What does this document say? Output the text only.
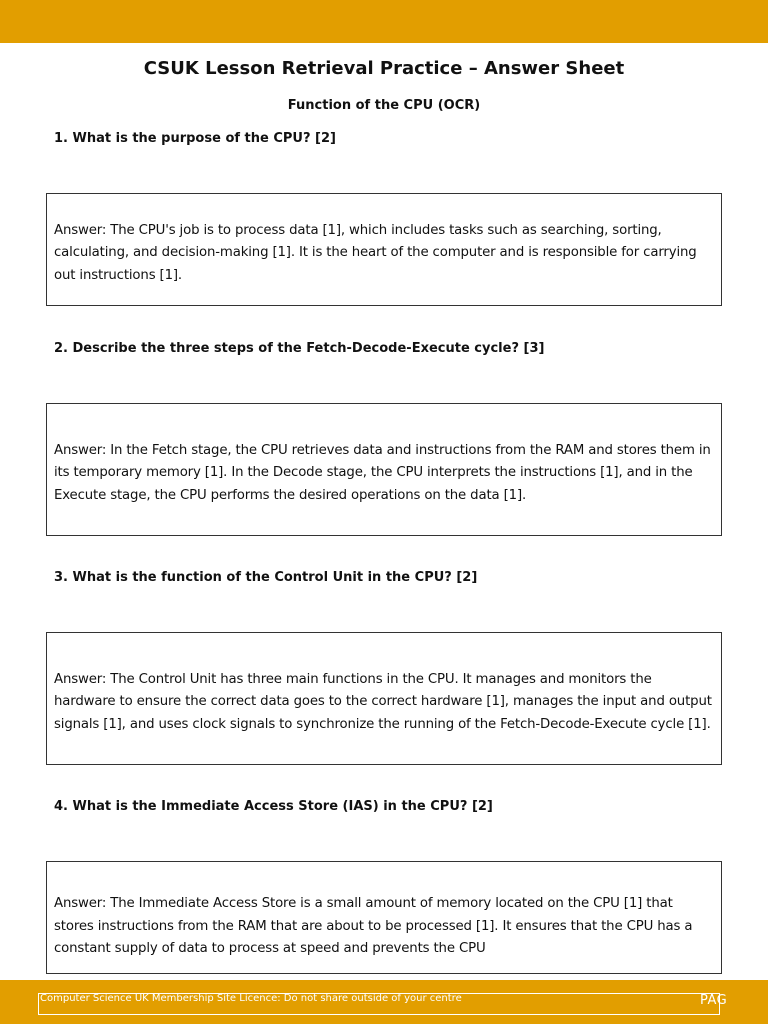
CSUK Lesson Retrieval Practice – Answer Sheet
Function of the CPU (OCR)
1. What is the purpose of the CPU? [2]

Answer: The CPU's job is to process data [1], which includes tasks such as searching, sorting, calculating, and decision-making [1]. It is the heart of the computer and is responsible for carrying out instructions [1].

2. Describe the three steps of the Fetch-Decode-Execute cycle? [3]

Answer: In the Fetch stage, the CPU retrieves data and instructions from the RAM and stores them in its temporary memory [1]. In the Decode stage, the CPU interprets the instructions [1], and in the Execute stage, the CPU performs the desired operations on the data [1].

3. What is the function of the Control Unit in the CPU? [2]

Answer: The Control Unit has three main functions in the CPU. It manages and monitors the hardware to ensure the correct data goes to the correct hardware [1], manages the input and output signals [1], and uses clock signals to synchronize the running of the Fetch-Decode-Execute cycle [1].

4. What is the Immediate Access Store (IAS) in the CPU? [2]

Answer: The Immediate Access Store is a small amount of memory located on the CPU [1] that stores instructions from the RAM that are about to be processed [1]. It ensures that the CPU has a constant supply of data to process at speed and prevents the CPU

Computer Science UK Membership Site Licence: Do not share outside of your centre	PAG
